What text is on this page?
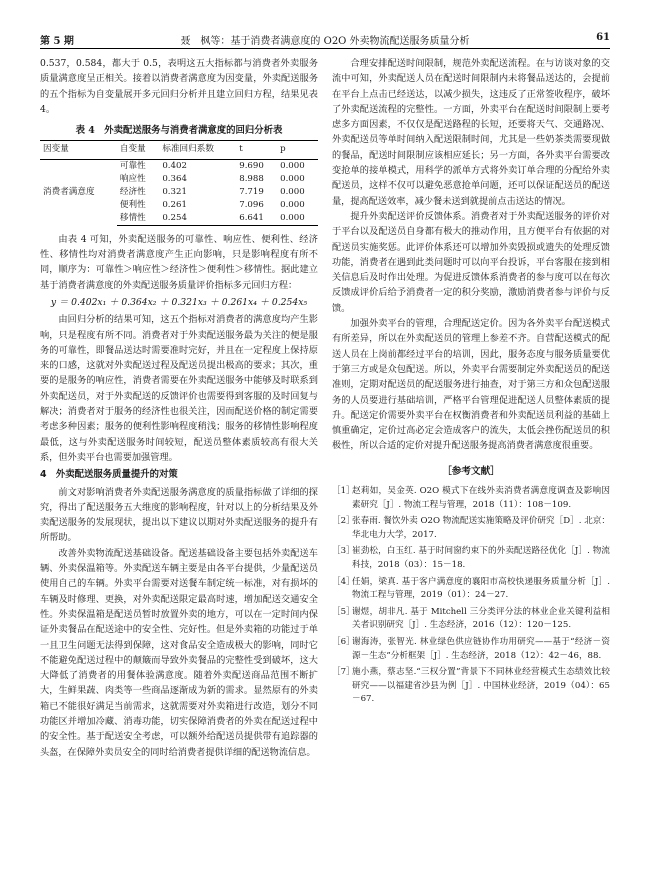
第 5 期	聂　枫等：基于消费者满意度的 O2O 外卖物流配送服务质量分析	61

0.537，0.584，都大于 0.5，表明这五大指标都与消费者外卖服务质量满意度呈正相关。接着以消费者满意度为因变量，外卖配送服务的五个指标为自变量展开多元回归分析并且建立回归方程，结果见表 4。

表 4　外卖配送服务与消费者满意度的回归分析表
因变量	自变量	标准回归系数	t	p
消费者满意度	可靠性	0.402	9.690	0.000
	响应性	0.364	8.988	0.000
	经济性	0.321	7.719	0.000
	便利性	0.261	7.096	0.000
	移情性	0.254	6.641	0.000

由表 4 可知，外卖配送服务的可靠性、响应性、便利性、经济性、移情性均对消费者满意度产生正向影响，只是影响程度有所不同，顺序为：可靠性＞响应性＞经济性＞便利性＞移情性。据此建立基于消费者满意度的外卖配送服务质量评价指标多元回归方程：

y ＝ 0.402x₁ ＋ 0.364x₂ ＋ 0.321x₃ ＋ 0.261x₄ ＋ 0.254x₅

由回归分析的结果可知，这五个指标对消费者的满意度均产生影响，只是程度有所不同。消费者对于外卖配送服务最为关注的便是服务的可靠性，即餐品送达时需要准时完好，并且在一定程度上保持原来的口感，这就对外卖配送过程及配送员提出极高的要求；其次，重要的是服务的响应性，消费者需要在外卖配送服务中能够及时联系到外卖配送员，对于外卖配送的反馈评价也需要得到客服的及时回复与解决；消费者对于服务的经济性也很关注，因而配送价格的制定需要考虑多种因素；服务的便利性影响程度稍浅；服务的移情性影响程度最低，这与外卖配送服务时间较短，配送员整体素质较高有很大关系，但外卖平台也需要加强管理。

4　外卖配送服务质量提升的对策

前文对影响消费者外卖配送服务满意度的质量指标做了详细的探究，得出了配送服务五大维度的影响程度，针对以上的分析结果及外卖配送服务的发展现状，提出以下建议以期对外卖配送服务的提升有所帮助。

改善外卖物流配送基础设备。配送基础设备主要包括外卖配送车辆、外卖保温箱等。外卖配送车辆主要是由各平台提供，少量配送员使用自己的车辆。外卖平台需要对送餐车制定统一标准，对有损坏的车辆及时修理、更换，对外卖配送限定最高时速，增加配送交通安全性。外卖保温箱是配送员暂时放置外卖的地方，可以在一定时间内保证外卖餐品在配送途中的安全性、完好性。但是外卖箱的功能过于单一且卫生问题无法得到保障，这对食品安全造成极大的影响，同时它不能避免配送过程中的颠簸而导致外卖餐品的完整性受到破坏，这大大降低了消费者的用餐体验满意度。随着外卖配送商品范围不断扩大，生鲜果蔬、肉类等一些商品逐渐成为新的需求。显然原有的外卖箱已不能很好满足当前需求，这就需要对外卖箱进行改造，划分不同功能区并增加冷藏、消毒功能，切实保障消费者的外卖在配送过程中的安全性。基于配送安全考虑，可以额外给配送员提供带有追踪器的头盔，在保障外卖员安全的同时给消费者提供详细的配送物流信息。

合理安排配送时间限制，规范外卖配送流程。在与访谈对象的交流中可知，外卖配送人员在配送时间限制内未将餐品送达的，会提前在平台上点击已经送达，以减少损失，这违反了正常签收程序，破坏了外卖配送流程的完整性。一方面，外卖平台在配送时间限制上要考虑多方面因素，不仅仅是配送路程的长短，还要将天气、交通路况、外卖配送员等单时间纳入配送限制时间，尤其是一些奶茶类需要现做的餐品，配送时间限制应该相应延长；另一方面，各外卖平台需要改变抢单的接单模式，用科学的派单方式将外卖订单合理的分配给外卖配送员，这样不仅可以避免恶意抢单问题，还可以保证配送员的配送量，提高配送效率，减少餐未送到就提前点击送达的情况。

提升外卖配送评价反馈体系。消费者对于外卖配送服务的评价对于平台以及配送员自身都有极大的推动作用，且方便平台有依据的对配送员实施奖惩。此评价体系还可以增加外卖毁损或遗失的处理反馈功能，消费者在遇到此类问题时可以向平台投诉，平台客服在接到相关信息后及时作出处理。为促进反馈体系消费者的参与度可以在每次反馈成评价后给予消费者一定的积分奖励，激励消费者参与评价与反馈。

加强外卖平台的管理，合理配送定价。因为各外卖平台配送模式有所差异，所以在外卖配送员的管理上参差不齐。自营配送模式的配送人员在上岗前都经过平台的培训，因此，服务态度与服务质量要优于第三方或是众包配送。所以，外卖平台需要制定外卖配送员的配送准则，定期对配送员的配送服务进行抽查，对于第三方和众包配送服务的人员要进行基础培训，严格平台管理促进配送人员整体素质的提升。配送定价需要外卖平台在权衡消费者和外卖配送员利益的基础上慎重确定，定价过高必定会造成客户的流失，太低会挫伤配送员的积极性，所以合适的定价对提升配送服务提高消费者满意度很重要。

［参考文献］
［1］
赵莉如，吴金英. O2O 模式下在线外卖消费者满意度调查及影响因素研究［J］. 物流工程与管理，2018（11）：108－109.
［2］
张春雨. 餐饮外卖 O2O 物流配送实施策略及评价研究［D］. 北京：华北电力大学，2017.
［3］
崔劲松，白玉红. 基于时间窗约束下的外卖配送路径优化［J］. 物流科技，2018（03）：15－18.
［4］
任娟，梁真. 基于客户满意度的襄阳市高校快递服务质量分析［J］. 物流工程与管理，2019（01）：24－27.
［5］
谢煜，胡非凡. 基于 Mitchell 三分类评分法的林业企业关键利益相关者识别研究［J］. 生态经济，2016（12）：120－125.
［6］
谢海涛，张智光. 林业绿色供应链协作功用研究——基于“经济－资源－生态”分析框架［J］. 生态经济，2018（12）：42－46，88.
［7］
施小燕，蔡志坚.“三权分置”背景下不同林业经营模式生态绩效比较研究——以福建省沙县为例［J］. 中国林业经济，2019（04）：65－67.
